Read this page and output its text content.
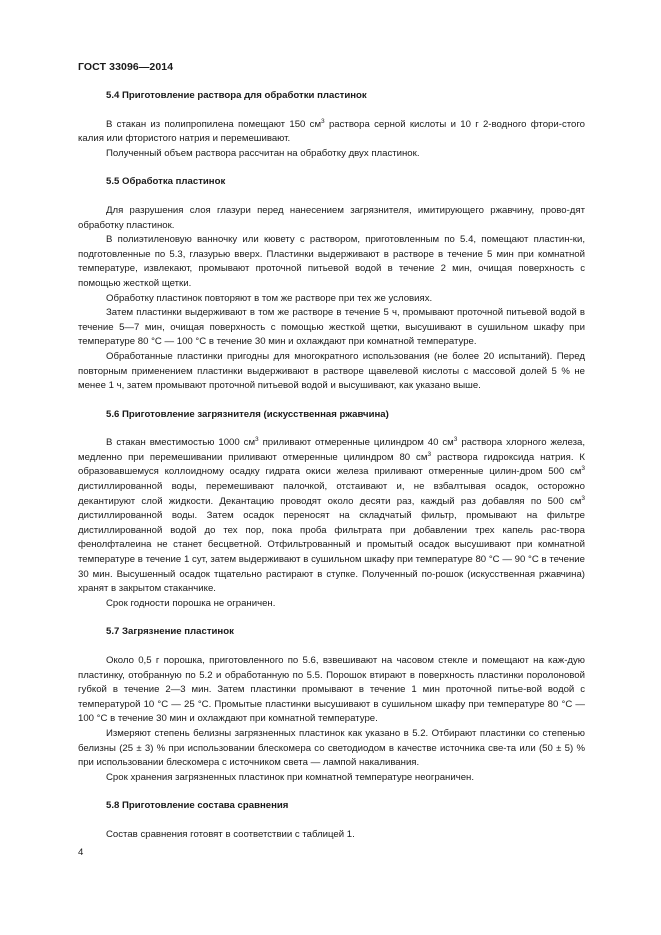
ГОСТ 33096—2014

5.4 Приготовление раствора для обработки пластинок

В стакан из полипропилена помещают 150 $см^3$ раствора серной кислоты и 10 г 2-водного фтори-стого калия или фтористого натрия и перемешивают.

Полученный объем раствора рассчитан на обработку двух пластинок.

5.5 Обработка пластинок

Для разрушения слоя глазури перед нанесением загрязнителя, имитирующего ржавчину, прово-дят обработку пластинок.

В полиэтиленовую ванночку или кювету с раствором, приготовленным по 5.4, помещают пластин-ки, подготовленные по 5.3, глазурью вверх. Пластинки выдерживают в растворе в течение 5 мин при комнатной температуре, извлекают, промывают проточной питьевой водой в течение 2 мин, очищая поверхность с помощью жесткой щетки.

Обработку пластинок повторяют в том же растворе при тех же условиях.

Затем пластинки выдерживают в том же растворе в течение 5 ч, промывают проточной питьевой водой в течение 5—7 мин, очищая поверхность с помощью жесткой щетки, высушивают в сушильном шкафу при температуре 80 °С — 100 °С в течение 30 мин и охлаждают при комнатной температуре.

Обработанные пластинки пригодны для многократного использования (не более 20 испытаний). Перед повторным применением пластинки выдерживают в растворе щавелевой кислоты с массовой долей 5 % не менее 1 ч, затем промывают проточной питьевой водой и высушивают, как указано выше.

5.6 Приготовление загрязнителя (искусственная ржавчина)

В стакан вместимостью 1000 $см^3$ приливают отмеренные цилиндром 40 $см^3$ раствора хлорного железа, медленно при перемешивании приливают отмеренные цилиндром 80 $см^3$ раствора гидроксида натрия. К образовавшемуся коллоидному осадку гидрата окиси железа приливают отмеренные цилин-дром 500 $см^3$ дистиллированной воды, перемешивают палочкой, отстаивают и, не взбалтывая осадок, осторожно декантируют слой жидкости. Декантацию проводят около десяти раз, каждый раз добавляя по 500 $см^3$ дистиллированной воды. Затем осадок переносят на складчатый фильтр, промывают на фильтре дистиллированной водой до тех пор, пока проба фильтрата при добавлении трех капель рас-твора фенолфталеина не станет бесцветной. Отфильтрованный и промытый осадок высушивают при комнатной температуре в течение 1 сут, затем выдерживают в сушильном шкафу при температуре 80 °С — 90 °С в течение 30 мин. Высушенный осадок тщательно растирают в ступке. Полученный по-рошок (искусственная ржавчина) хранят в закрытом стаканчике.

Срок годности порошка не ограничен.

5.7 Загрязнение пластинок

Около 0,5 г порошка, приготовленного по 5.6, взвешивают на часовом стекле и помещают на каж-дую пластинку, отобранную по 5.2 и обработанную по 5.5. Порошок втирают в поверхность пластинки поролоновой губкой в течение 2—3 мин. Затем пластинки промывают в течение 1 мин проточной питье-вой водой с температурой 10 °С — 25 °С. Промытые пластинки высушивают в сушильном шкафу при температуре 80 °С — 100 °С в течение 30 мин и охлаждают при комнатной температуре.

Измеряют степень белизны загрязненных пластинок как указано в 5.2. Отбирают пластинки со степенью белизны (25 ± 3) % при использовании блескомера со светодиодом в качестве источника све-та или (50 ± 5) % при использовании блескомера с источником света — лампой накаливания.

Срок хранения загрязненных пластинок при комнатной температуре неограничен.

5.8 Приготовление состава сравнения

Состав сравнения готовят в соответствии с таблицей 1.

4
